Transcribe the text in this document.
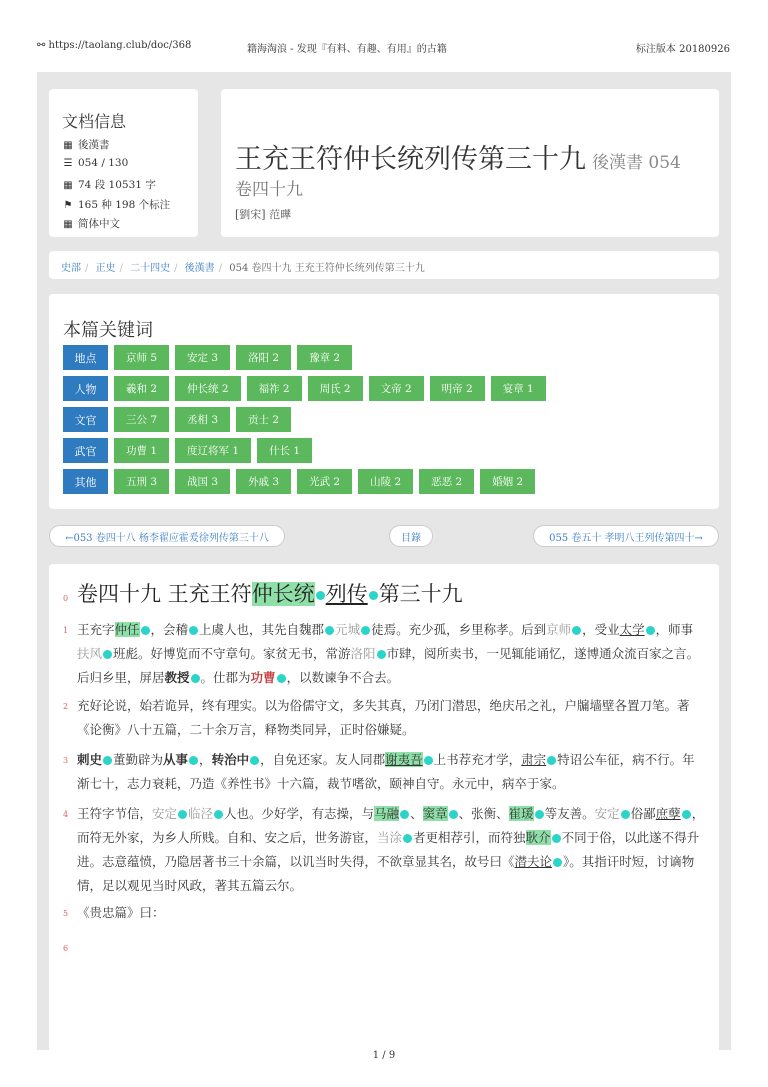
⚯ https://taolang.club/doc/368	籍海淘浪 - 发现『有料、有趣、有用』的古籍	标注版本 20180926
文档信息
▦ 後漢書
☰ 054 / 130
▦ 74 段 10531 字
⚑ 165 种 198 个标注
▦ 简体中文
王充王符仲长统列传第三十九 後漢書 054
卷四十九
[劉宋] 范曄
史部 / 正史 / 二十四史 / 後漢書 / 054 卷四十九 王充王符仲长统列传第三十九
本篇关键词
地点	京师 5	安定 3	洛阳 2	豫章 2
人物	羲和 2	仲长统 2	福祚 2	周氏 2	文帝 2	明帝 2	宴章 1
文官	三公 7	丞相 3	贡士 2
武官	功曹 1	度辽将军 1	什长 1
其他	五刑 3	战国 3	外戚 3	光武 2	山陵 2	恶恶 2	婚姻 2
←053 卷四十八 杨李翟应霍爰徐列传第三十八	目錄	055 卷五十 孝明八王列传第四十→
0 卷四十九 王充王符仲长统 列传 第三十九
1 王充字仲任 ，会稽 上虞人也，其先自魏郡 元城 徒焉。充少孤，乡里称孝。后到京师 ，受业太学 ，师事扶风 班彪。好博览而不守章句。家贫无书，常游洛阳 市肆，阅所卖书，一见辄能诵忆，遂博通众流百家之言。后归乡里，屏居教授 。仕郡为功曹 ，以数谏争不合去。
2 充好论说，始若诡异，终有理实。以为俗儒守文，多失其真，乃闭门潜思，绝庆吊之礼，户牖墙壁各置刀笔。著《论衡》八十五篇，二十余万言，释物类同异，正时俗嫌疑。
3 刺史 董勤辟为从事 ，转治中 ，自免还家。友人同郡谢夷吾 上书荐充才学，肃宗 特诏公车征，病不行。年渐七十，志力衰耗，乃造《养性书》十六篇，裁节嗜欲，颐神自守。永元中，病卒于家。
4 王符字节信，安定 临泾 人也。少好学，有志操，与马融 、窦章 、张衡、崔瑗 等友善。安定 俗鄙庶孽 ，而符无外家，为乡人所贱。自和、安之后，世务游宦，当涂 者更相荐引，而符独耿介 不同于俗，以此遂不得升进。志意蕴愤，乃隐居著书三十余篇，以讥当时失得，不欲章显其名，故号曰《潜夫论 》。其指讦时短，讨谪物情，足以观见当时风政，著其五篇云尔。
5 《贵忠篇》曰：
6
1 / 9
